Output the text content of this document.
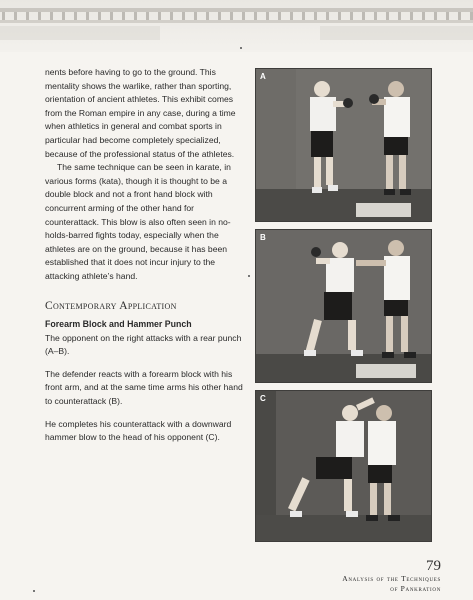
nents before having to go to the ground. This mentality shows the warlike, rather than sporting, orientation of ancient athletes. This exhibit comes from the Roman empire in any case, during a time when athletics in general and combat sports in particular had become completely specialized, because of the professional status of the athletes.

The same technique can be seen in karate, in various forms (kata), though it is thought to be a double block and not a front hand block with concurrent arming of the other hand for counterattack. This blow is also often seen in no-holds-barred fights today, especially when the athletes are on the ground, because it has been established that it does not incur injury to the attacking athlete’s hand.

Contemporary Application

Forearm Block and Hammer Punch

The opponent on the right attacks with a rear punch (A–B).

The defender reacts with a forearm block with his front arm, and at the same time arms his other hand to counterattack (B).

He completes his counterattack with a downward hammer blow to the head of his opponent (C).

A
B
C
79
Analysis of the Techniques
of Pankration
